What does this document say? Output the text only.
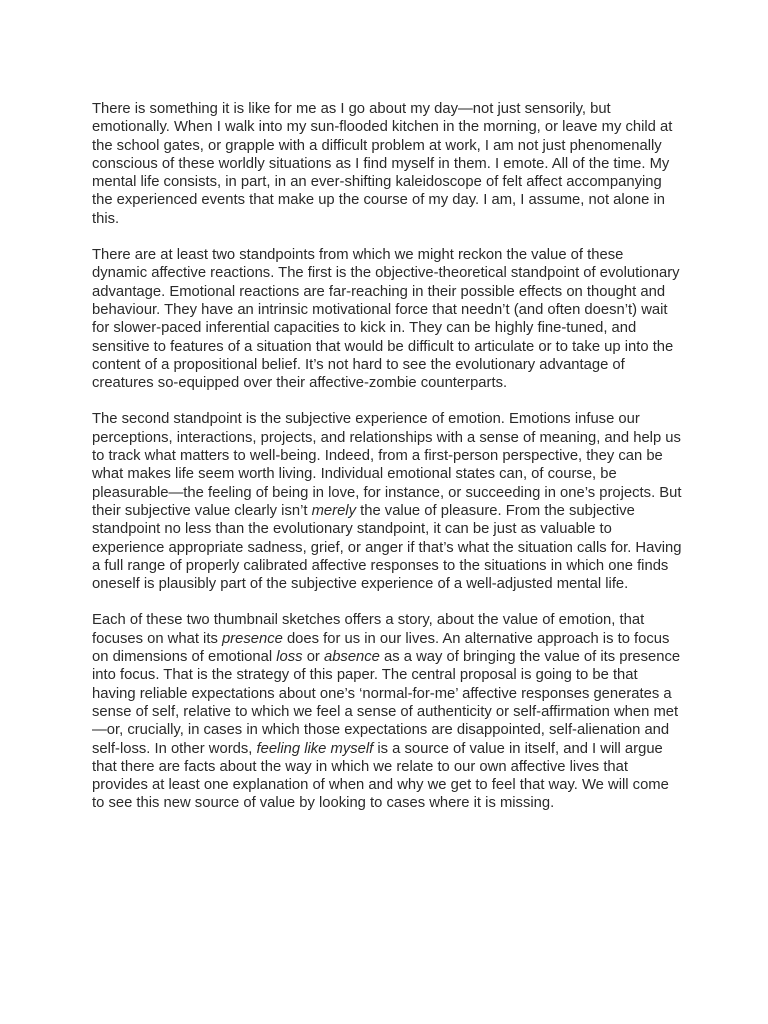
There is something it is like for me as I go about my day—not just sensorily, but emotionally. When I walk into my sun-flooded kitchen in the morning, or leave my child at the school gates, or grapple with a difficult problem at work, I am not just phenomenally conscious of these worldly situations as I find myself in them. I emote. All of the time. My mental life consists, in part, in an ever-shifting kaleidoscope of felt affect accompanying the experienced events that make up the course of my day. I am, I assume, not alone in this.

There are at least two standpoints from which we might reckon the value of these dynamic affective reactions. The first is the objective-theoretical standpoint of evolutionary advantage. Emotional reactions are far-reaching in their possible effects on thought and behaviour. They have an intrinsic motivational force that needn’t (and often doesn’t) wait for slower-paced inferential capacities to kick in. They can be highly fine-tuned, and sensitive to features of a situation that would be difficult to articulate or to take up into the content of a propositional belief. It’s not hard to see the evolutionary advantage of creatures so-equipped over their affective-zombie counterparts.

The second standpoint is the subjective experience of emotion. Emotions infuse our perceptions, interactions, projects, and relationships with a sense of meaning, and help us to track what matters to well-being. Indeed, from a first-person perspective, they can be what makes life seem worth living. Individual emotional states can, of course, be pleasurable—the feeling of being in love, for instance, or succeeding in one’s projects. But their subjective value clearly isn’t merely the value of pleasure. From the subjective standpoint no less than the evolutionary standpoint, it can be just as valuable to experience appropriate sadness, grief, or anger if that’s what the situation calls for. Having a full range of properly calibrated affective responses to the situations in which one finds oneself is plausibly part of the subjective experience of a well-adjusted mental life.

Each of these two thumbnail sketches offers a story, about the value of emotion, that focuses on what its presence does for us in our lives. An alternative approach is to focus on dimensions of emotional loss or absence as a way of bringing the value of its presence into focus. That is the strategy of this paper. The central proposal is going to be that having reliable expectations about one’s ‘normal-for-me’ affective responses generates a sense of self, relative to which we feel a sense of authenticity or self-affirmation when met—or, crucially, in cases in which those expectations are disappointed, self-alienation and self-loss. In other words, feeling like myself is a source of value in itself, and I will argue that there are facts about the way in which we relate to our own affective lives that provides at least one explanation of when and why we get to feel that way. We will come to see this new source of value by looking to cases where it is missing.
